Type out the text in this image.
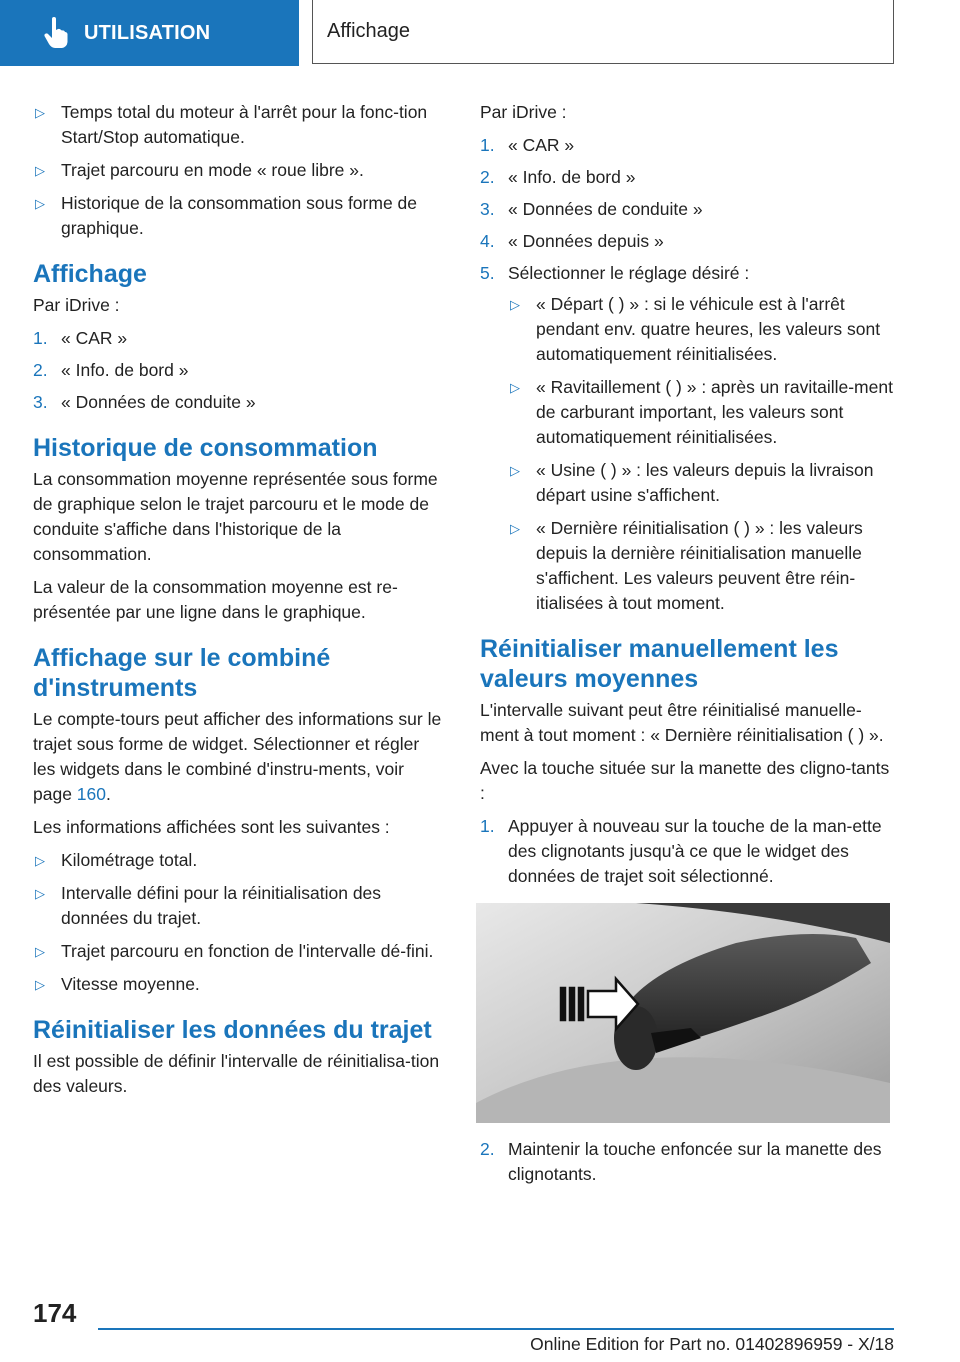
UTILISATION	Affichage
▷ Temps total du moteur à l'arrêt pour la fonc‐tion Start/Stop automatique.
▷ Trajet parcouru en mode « roue libre ».
▷ Historique de la consommation sous forme de graphique.
Affichage

Par iDrive :

1. « CAR »
2. « Info. de bord »
3. « Données de conduite »
Historique de consommation

La consommation moyenne représentée sous forme de graphique selon le trajet parcouru et le mode de conduite s'affiche dans l'historique de la consommation.

La valeur de la consommation moyenne est re‐présentée par une ligne dans le graphique.

Affichage sur le combiné d'instruments

Le compte-tours peut afficher des informations sur le trajet sous forme de widget. Sélectionner et régler les widgets dans le combiné d'instru‐ments, voir page 160.

Les informations affichées sont les suivantes :

▷ Kilométrage total.
▷ Intervalle défini pour la réinitialisation des données du trajet.
▷ Trajet parcouru en fonction de l'intervalle dé‐fini.
▷ Vitesse moyenne.
Réinitialiser les données du trajet

Il est possible de définir l'intervalle de réinitialisa‐tion des valeurs.

Par iDrive :

1. « CAR »
2. « Info. de bord »
3. « Données de conduite »
4. « Données depuis »
5. Sélectionner le réglage désiré :
▷ « Départ ( ) » : si le véhicule est à l'arrêt pendant env. quatre heures, les valeurs sont automatiquement réinitialisées.
▷ « Ravitaillement ( ) » : après un ravitaille‐ment de carburant important, les valeurs sont automatiquement réinitialisées.
▷ « Usine ( ) » : les valeurs depuis la livraison départ usine s'affichent.
▷ « Dernière réinitialisation ( ) » : les valeurs depuis la dernière réinitialisation manuelle s'affichent. Les valeurs peuvent être réin‐itialisées à tout moment.
Réinitialiser manuellement les valeurs moyennes

L'intervalle suivant peut être réinitialisé manuelle‐ment à tout moment : « Dernière réinitialisation ( ) ».

Avec la touche située sur la manette des cligno‐tants :

1. Appuyer à nouveau sur la touche de la man‐ette des clignotants jusqu'à ce que le widget des données de trajet soit sélectionné.
2. Maintenir la touche enfoncée sur la manette des clignotants.
174
Online Edition for Part no. 01402896959 - X/18
